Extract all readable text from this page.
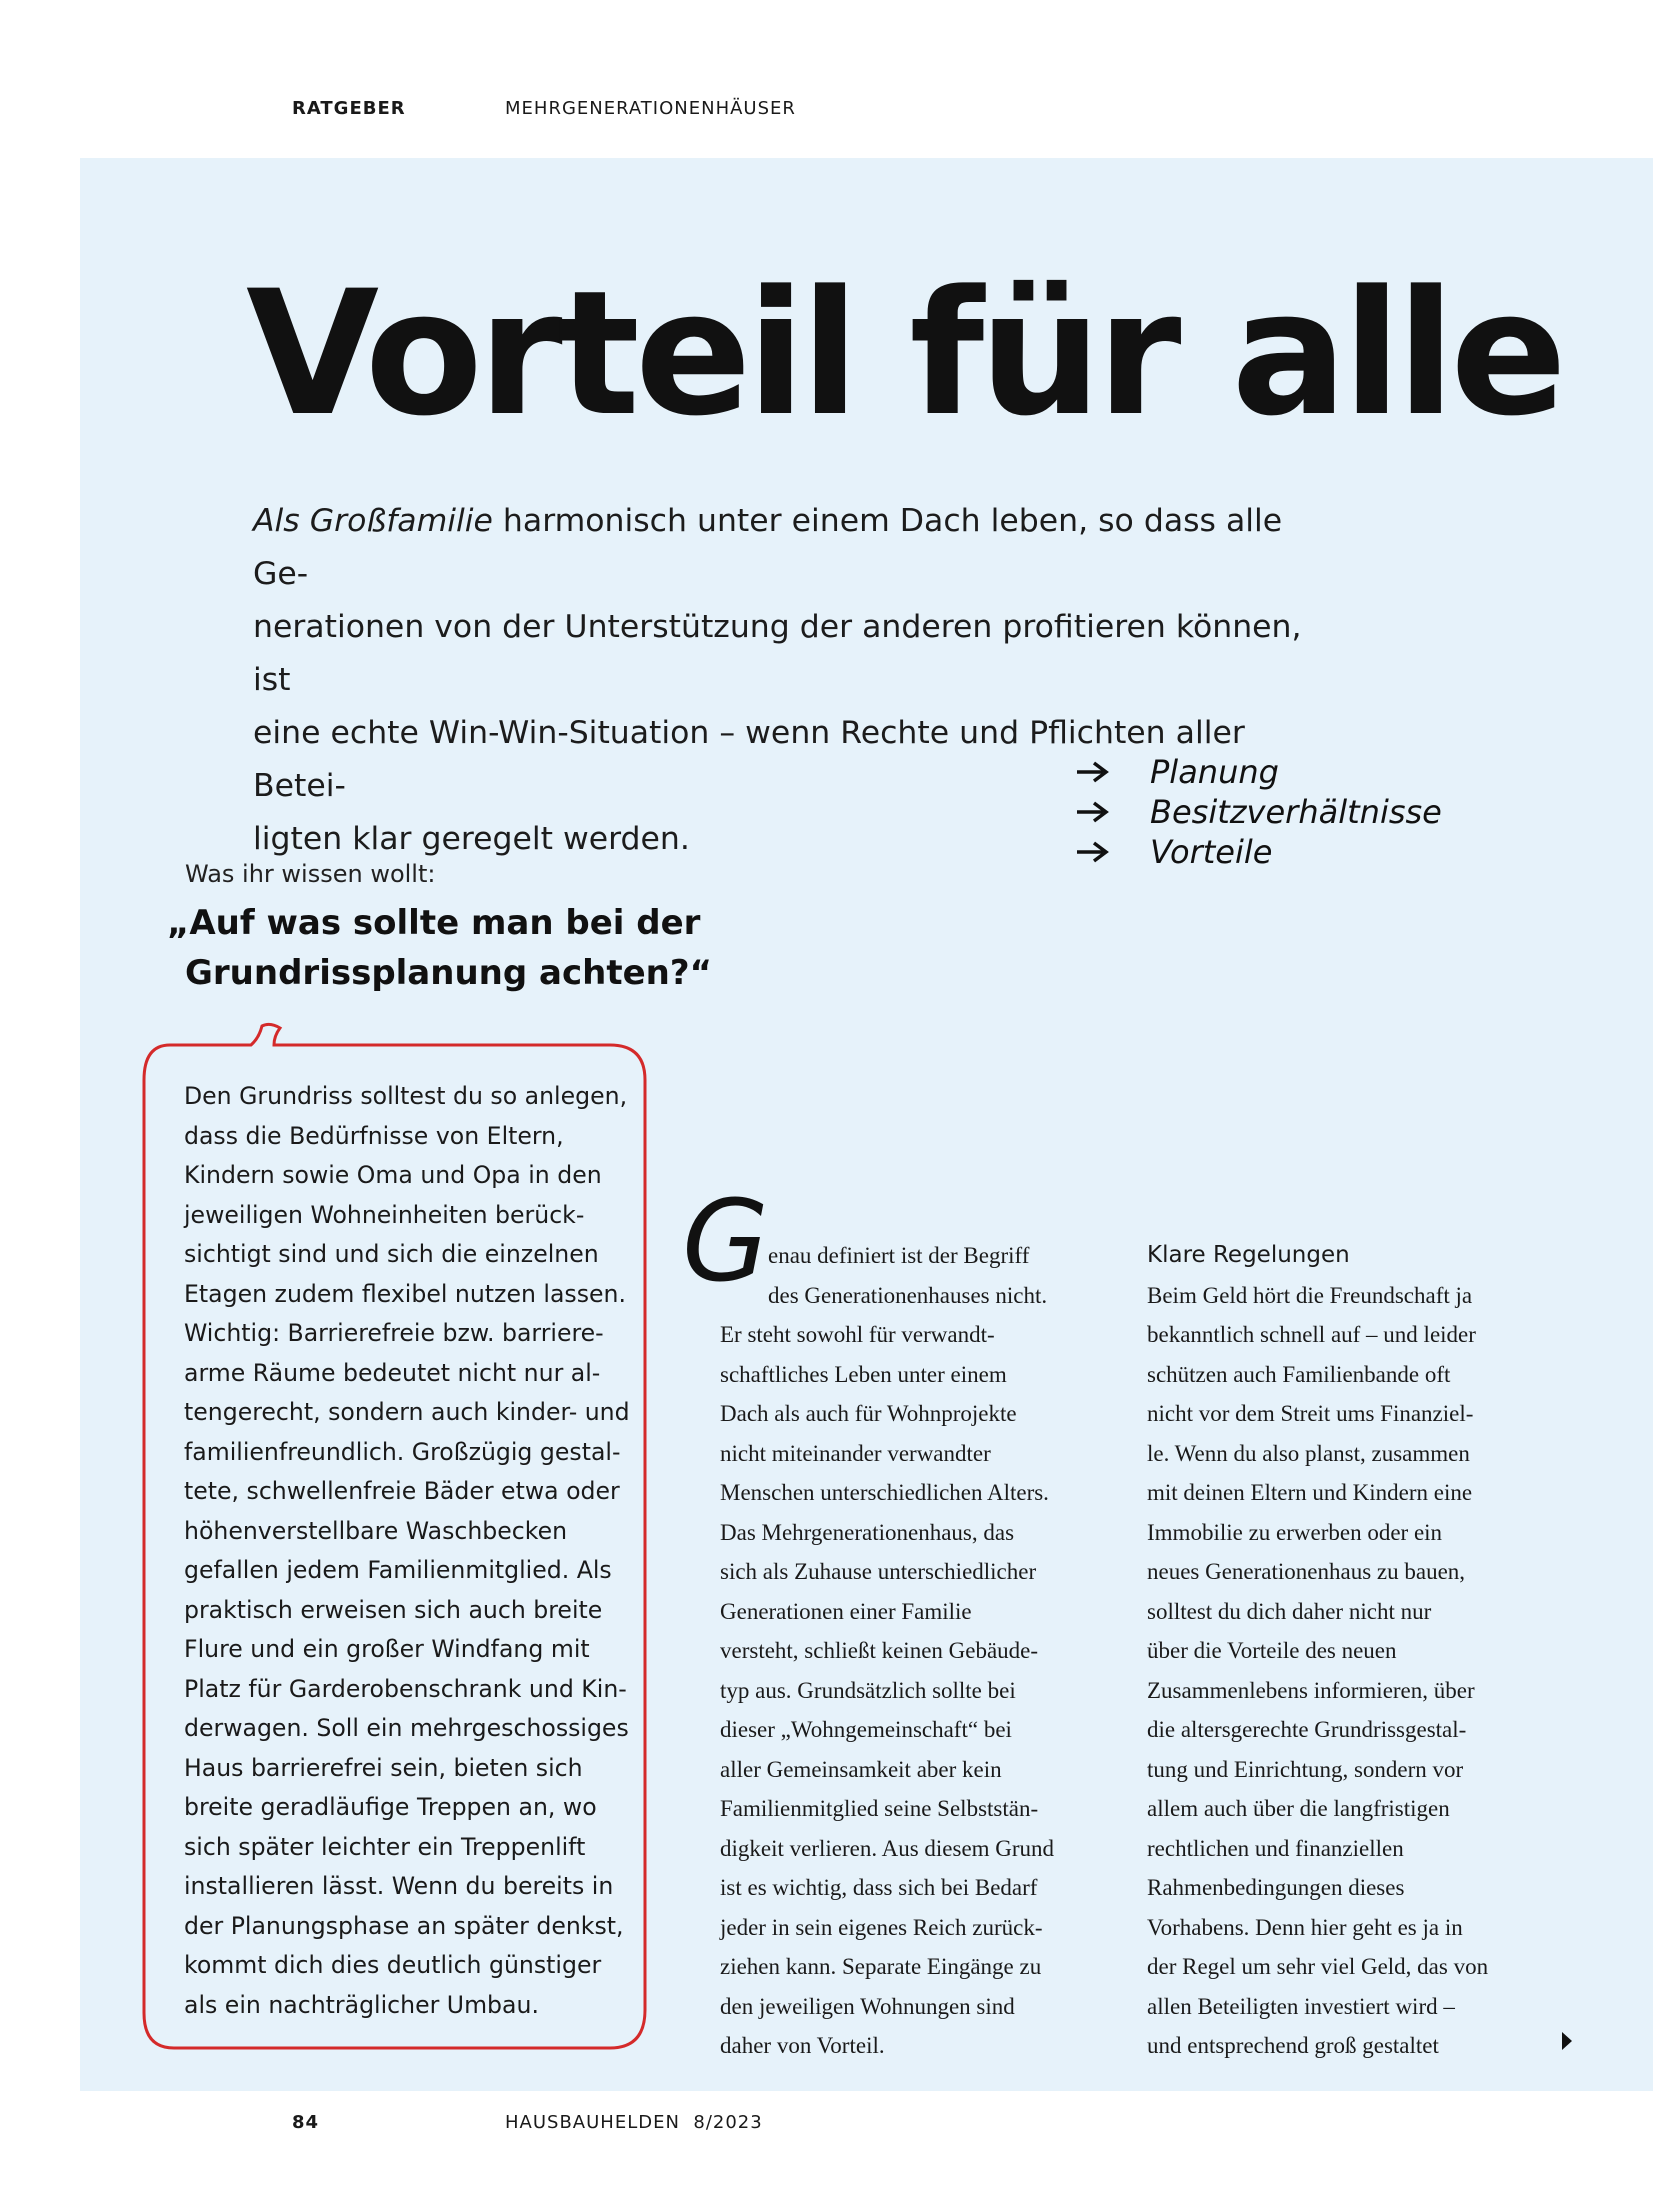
RATGEBER	MEHRGENERATIONENHÄUSER
Vorteil für alle
Als Großfamilie harmonisch unter einem Dach leben, so dass alle Ge-
nerationen von der Unterstützung der anderen profitieren können, ist
eine echte Win-Win-Situation – wenn Rechte und Pflichten aller Betei-
ligten klar geregelt werden.
Planung
Besitzverhältnisse
Vorteile
Was ihr wissen wollt:
„Auf was sollte man bei der
Grundrissplanung achten?“
Den Grundriss solltest du so anlegen,
dass die Bedürfnisse von Eltern,
Kindern sowie Oma und Opa in den
jeweiligen Wohneinheiten berück-
sichtigt sind und sich die einzelnen
Etagen zudem flexibel nutzen lassen.
Wichtig: Barrierefreie bzw. barriere-
arme Räume bedeutet nicht nur al-
tengerecht, sondern auch kinder- und
familienfreundlich. Großzügig gestal-
tete, schwellenfreie Bäder etwa oder
höhenverstellbare Waschbecken
gefallen jedem Familienmitglied. Als
praktisch erweisen sich auch breite
Flure und ein großer Windfang mit
Platz für Garderobenschrank und Kin-
derwagen. Soll ein mehrgeschossiges
Haus barrierefrei sein, bieten sich
breite geradläufige Treppen an, wo
sich später leichter ein Treppenlift
installieren lässt. Wenn du bereits in
der Planungsphase an später denkst,
kommt dich dies deutlich günstiger
als ein nachträglicher Umbau.
G enau definiert ist der Begriff
des Generationenhauses nicht.
Er steht sowohl für verwandt-
schaftliches Leben unter einem
Dach als auch für Wohnprojekte
nicht miteinander verwandter
Menschen unterschiedlichen Alters.
Das Mehrgenerationenhaus, das
sich als Zuhause unterschiedlicher
Generationen einer Familie
versteht, schließt keinen Gebäude-
typ aus. Grundsätzlich sollte bei
dieser „Wohngemeinschaft“ bei
aller Gemeinsamkeit aber kein
Familienmitglied seine Selbststän-
digkeit verlieren. Aus diesem Grund
ist es wichtig, dass sich bei Bedarf
jeder in sein eigenes Reich zurück-
ziehen kann. Separate Eingänge zu
den jeweiligen Wohnungen sind
daher von Vorteil.
Klare Regelungen
Beim Geld hört die Freundschaft ja
bekanntlich schnell auf – und leider
schützen auch Familienbande oft
nicht vor dem Streit ums Finanziel-
le. Wenn du also planst, zusammen
mit deinen Eltern und Kindern eine
Immobilie zu erwerben oder ein
neues Generationenhaus zu bauen,
solltest du dich daher nicht nur
über die Vorteile des neuen
Zusammenlebens informieren, über
die altersgerechte Grundrissgestal-
tung und Einrichtung, sondern vor
allem auch über die langfristigen
rechtlichen und finanziellen
Rahmenbedingungen dieses
Vorhabens. Denn hier geht es ja in
der Regel um sehr viel Geld, das von
allen Beteiligten investiert wird –
und entsprechend groß gestaltet
84	HAUSBAUHELDEN  8/2023
